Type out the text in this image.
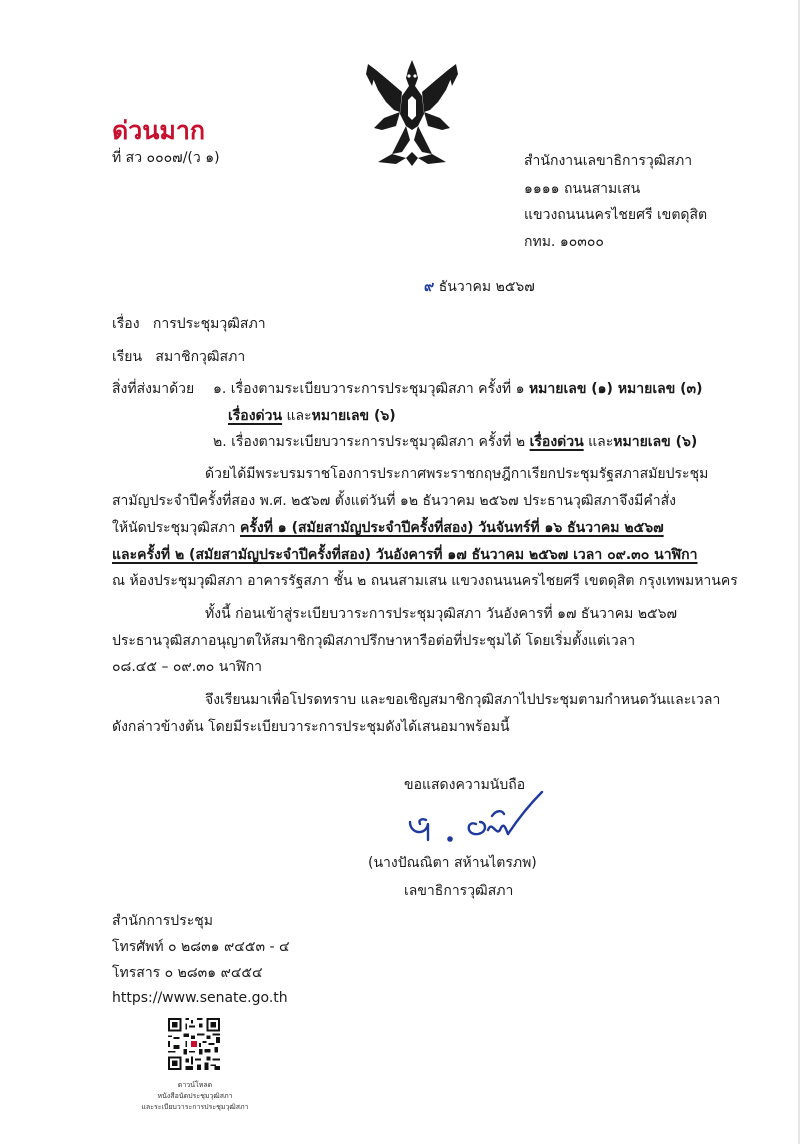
ด่วนมาก
ที่ สว ๐๐๐๗/(ว ๑)	สำนักงานเลขาธิการวุฒิสภา
๑๑๑๑ ถนนสามเสน
แขวงถนนนครไชยศรี เขตดุสิต
กทม. ๑๐๓๐๐
๙ ธันวาคม ๒๕๖๗
เรื่อง   การประชุมวุฒิสภา
เรียน   สมาชิกวุฒิสภา
สิ่งที่ส่งมาด้วย ๑. เรื่องตามระเบียบวาระการประชุมวุฒิสภา ครั้งที่ ๑ หมายเลข (๑) หมายเลข (๓)
เรื่องด่วน และหมายเลข (๖)
๒. เรื่องตามระเบียบวาระการประชุมวุฒิสภา ครั้งที่ ๒ เรื่องด่วน และหมายเลข (๖)
ด้วยได้มีพระบรมราชโองการประกาศพระราชกฤษฎีกาเรียกประชุมรัฐสภาสมัยประชุม
สามัญประจำปีครั้งที่สอง พ.ศ. ๒๕๖๗ ตั้งแต่วันที่ ๑๒ ธันวาคม ๒๕๖๗ ประธานวุฒิสภาจึงมีคำสั่ง
ให้นัดประชุมวุฒิสภา ครั้งที่ ๑ (สมัยสามัญประจำปีครั้งที่สอง) วันจันทร์ที่ ๑๖ ธันวาคม ๒๕๖๗
และครั้งที่ ๒ (สมัยสามัญประจำปีครั้งที่สอง) วันอังคารที่ ๑๗ ธันวาคม ๒๕๖๗ เวลา ๐๙.๓๐ นาฬิกา
ณ ห้องประชุมวุฒิสภา อาคารรัฐสภา ชั้น ๒ ถนนสามเสน แขวงถนนนครไชยศรี เขตดุสิต กรุงเทพมหานคร
ทั้งนี้ ก่อนเข้าสู่ระเบียบวาระการประชุมวุฒิสภา วันอังคารที่ ๑๗ ธันวาคม ๒๕๖๗
ประธานวุฒิสภาอนุญาตให้สมาชิกวุฒิสภาปรึกษาหารือต่อที่ประชุมได้ โดยเริ่มตั้งแต่เวลา
๐๘.๔๕ – ๐๙.๓๐ นาฬิกา
จึงเรียนมาเพื่อโปรดทราบ และขอเชิญสมาชิกวุฒิสภาไปประชุมตามกำหนดวันและเวลา
ดังกล่าวข้างต้น โดยมีระเบียบวาระการประชุมดังได้เสนอมาพร้อมนี้
ขอแสดงความนับถือ
(นางปัณณิตา สห้านไตรภพ)
เลขาธิการวุฒิสภา
สำนักการประชุม
โทรศัพท์ ๐ ๒๘๓๑ ๙๔๕๓ - ๔
โทรสาร ๐ ๒๘๓๑ ๙๔๕๔
https://www.senate.go.th
ดาวน์โหลด
หนังสือนัดประชุมวุฒิสภา
และระเบียบวาระการประชุมวุฒิสภา
